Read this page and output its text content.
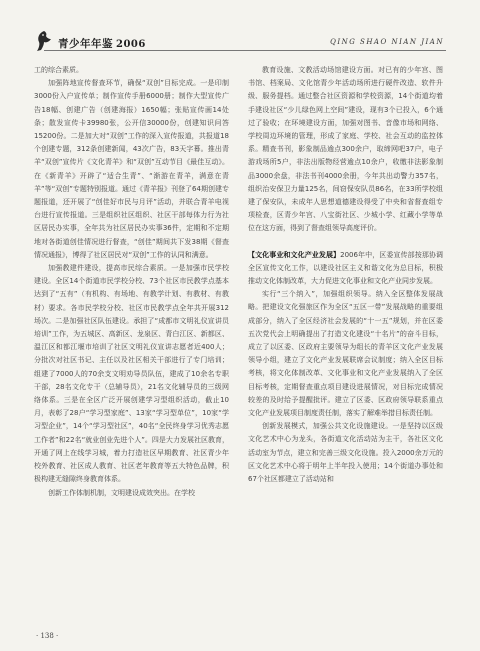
青少年年鉴 2006	QING SHAO NIAN JIAN

工的综合素质。

加强阵地宣传督查环节，确保“双创”目标完成。一是印制3000份入户宣传单；制作宣传手册6000册；制作大型宣传广告18幅、创建广告（创建海报）1650幅；张贴宣传画14处条；散发宣传卡39980张，公开信30000份，创建知识问答15200份。二是加大对“双创”工作的深入宣传报道，共报道18个创建专题，312条创建新闻，43次广告，83天字幕。推出青羊“双创”宣传片《文化青羊》和“双创”互动节目《最佳互动》。在《新青羊》开辟了“适合生青”、“渐游在青羊，满意在青羊”等“双创”专题特别报道。通过《青羊报》刊登了64期创建专题报道，还开展了“创佳好市民与月评”活动，并联合青羊电视台进行宣传报道。三是组织社区组织、社区干部每体力行为社区居民办实事，全年共为社区居民办实事36件，定期和不定期地对各街道创佳情况进行督查，“创佳”期间共下发38期《督查情况通报》，博得了社区居民对“双创”工作的认同和满意。

加强教建件建设，提高市民综合素质。一是加强市民学校建设。全区14个街道市民学校分校、73个社区市民教学点基本达到了“五有”（有机构、有场地、有教学计划、有教材、有教材）要求。各市民学校分校、社区市民教学点全年共开展312场次。二是加强社区队伍建设。承担了“成都市文明礼仪宣讲员培训”工作，为五城区、高新区、龙泉区、青白江区、新都区、温江区和都江堰市培训了社区文明礼仪宣讲志愿者近400人；分批次对社区书记、主任以及社区相关干部进行了专门培训；组建了7000人的70余支文明劝导员队伍，建成了10余名专职干部，28名文化专干（总辅导员），21名文化辅导员的三级网络体系。三是在全区广泛开展创建学习型组织活动，截止10月，表彰了28户“学习型家庭”、13家“学习型单位”，10家“学习型企业”，14个“学习型社区”，40名“全民终身学习优秀志愿工作者”和22名“就业创业先进个人”。四是大力发展社区教育，开通了网上在线学习城，着力打造社区早期教育、社区青少年校外教育、社区成人教育、社区老年教育等五大特色品牌，积极构建无缝隙终身教育体系。

创新工作体制机制，文明建设成效突出。在学校

教育设施、文教活动场馆建设方面。对已有的少年宫、图书馆、档案局、文化馆青少年活动场所进行硬件改造、软件升级、服务提档。通过整合社区资源和学校资源，14个街道均着手建设社区“少儿绿色网上空间”建设，现有3个已投入，6个通过了验收；在环境建设方面，加强对图书、音像市场和网络、学校周边环境的管理，形成了家庭、学校、社会互动的监控体系。精查书刊，影象制品逾点300余户，取缔网吧37户，电子游戏场所5户，非法出版物经营逾点10余户，收缴非法影象制品3000余盘，非法书刊4000余册，今年共出动警力357名，组织治安保卫力量125名，间窃保安队员86名，在33所学校组建了保安队，未成年人思想道德建设得受了中央和省督查组专项检查，区青少年宫、八宝街社区、少城小学、红藏小学等单位在这方面，得到了督查组领导高度评价。

【文化事业和文化产业发展】2006年中，区委宣传部按那协调全区宣传文化工作，以建设社区主义和谐文化为总目标，积极推动文化体制改革，大力促进文化事业和文化产业同步发展。

实行“三个纳入”，加强组织领导。纳入全区整体发展战略。把建设文化强旅区作为全区“五区一带”发展战略的重要组成部分，纳入了全区经济社会发展的“十一五”规划，并在区委五次党代会上明确提出了打造文化建设“十名片”的奋斗目标，成立了以区委、区政府主要领导为组长的青羊区文化产业发展领导小组，建立了文化产业发展联席会议制度；纳入全区目标考核，将文化体制改革、文化事业和文化产业发展纳入了全区目标考核，定期督查重点项目建设进展情况，对目标完成情况较差的及时给予提醒批评。建立了区委、区政府领导联系重点文化产业发展项目制度责任制，落实了解难举措目标责任制。

创新发展模式，加强公共文化设施建设。一是坚持以区级文化艺术中心为龙头，各街道文化活动站为主干，各社区文化活动室为节点，建立和完善三级文化设施。投入2000余万元的区文化艺术中心将于明年上半年投入使用；14个街道办事处和67个社区都建立了活动站和

· 138 ·
